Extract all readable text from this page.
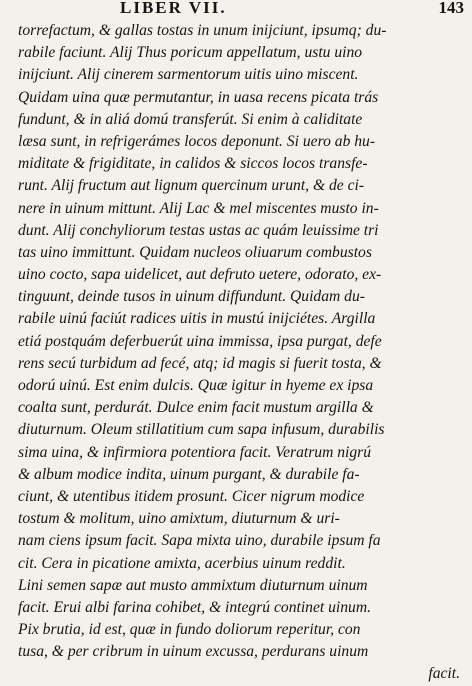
LIBER VII.	143
torrefactum, & gallas tostas in unum inijciunt, ipsumq; du-
rabile faciunt. Alij Thus poricum appellatum, ustu uino
inijciunt. Alij cinerem sarmentorum uitis uino miscent.
Quidam uina quæ permutantur, in uasa recens picata trás
fundunt, & in aliá domú transferút. Si enim à caliditate
læsa sunt, in refrigeráтes locos deponunt. Si uero ab hu-
miditate & frigiditate, in calidos & siccos locos transfe-
runt. Alij fructum aut lignum quercinum urunt, & de ci-
nere in uinum mittunt. Alij Lac & mel miscentes musto in-
dunt. Alij conchyliorum testas ustas ac quám leuissime tri
tas uino immittunt. Quidam nucleos oliuarum combustos
uino cocto, sapa uidelicet, aut defruto uetere, odorato, ex-
tinguunt, deinde tusos in uinum diffundunt. Quidam du-
rabile uinú faciút radices uitis in mustú inijciétes. Argilla
etiá postquám deferbuerút uina immissa, ipsa purgat, defe
rens secú turbidum ad fecé, atq; id magis si fuerit tosta, &
odorú uinú. Est enim dulcis. Quæ igitur in hyeme ex ipsa
coalta sunt, perdurát. Dulce enim facit mustum argilla &
diuturnum. Oleum stillatitium cum sapa infusum, durabilis
sima uina, & infirmiora potentiora facit. Veratrum nigrú
& album modice indita, uinum purgant, & durabile fa-
ciunt, & utentibus itidem prosunt. Cicer nigrum modice
tostum & molitum, uino amixtum, diuturnum & uri-
nam ciens ipsum facit. Sapa mixta uino, durabile ipsum fa
cit. Cera in picatione amixta, acerbius uinum reddit.
Lini semen sapæ aut musto ammixtum diuturnum uinum
facit. Erui albi farina cohibet, & integrú continet uinum.
Pix brutia, id est, quæ in fundo doliorum reperitur, con
tusa, & per cribrum in uinum excussa, perdurans uinum
facit.
